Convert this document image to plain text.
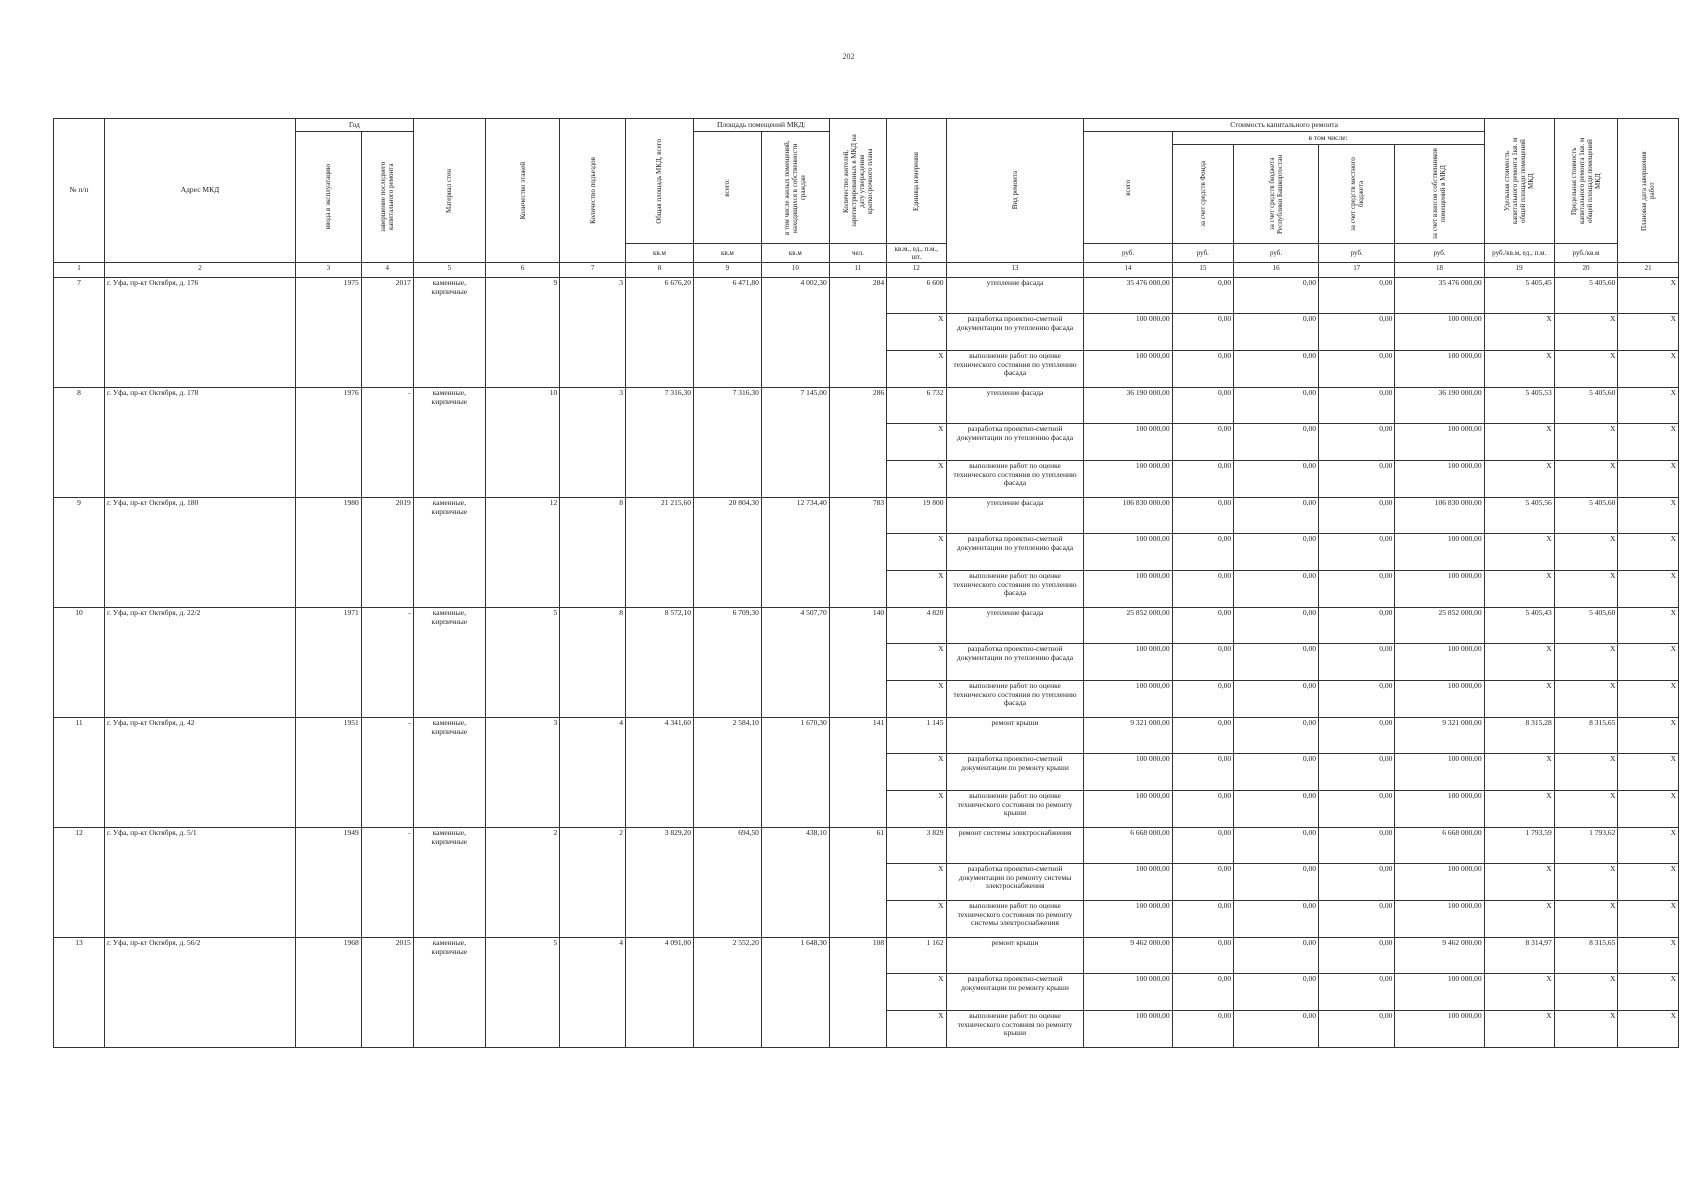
202
№ п/п	Адрес МКД	Год		Материал стен	Количество этажей	Количество подъездов	Общая площадь МКД, всего	Площадь помещений МКД:		Количество жителей, зарегистрированных в МКД на дату утверждения краткосрочного плана	Единица измерения	Вид ремонта	Стоимость капитального ремонта					Удельная стоимость капитального ремонта 1кв. м общей площади помещений МКД	Предельная стоимость капитального ремонта 1кв. м общей площади помещений МКД	Плановая дата завершения работ

		ввода в эксплуатацию	завершение последнего капитального ремонта					всего:	в том числе жилых помещений, находящихся в собственности граждан				всего	в том числе:						

														за счет средств Фонда	за счет средств бюджета Республики Башкортостан	за счет средств местного бюджета	за счет взносов собственников помещений в МКД			

							кв.м	кв.м	кв.м	чел.	кв.м., ед., п.м., шт.		руб.	руб.	руб.	руб.	руб.	руб./кв.м, ед., п.м.	руб./кв.м	
1	2	3	4	5	6	7	8	9	10	11	12	13	14	15	16	17	18	19	20	21
7	г. Уфа, пр-кт Октября, д. 176	1975	2017	каменные, кирпичные	9	3	6 676,20	6 471,80	4 002,30	284	6 600	утепление фасада	35 476 000,00	0,00	0,00	0,00	35 476 000,00	5 405,45	5 405,60	X
											X	разработка проектно-сметной документации по утеплению фасада	100 000,00	0,00	0,00	0,00	100 000,00	X	X	X
											X	выполнение работ по оценке технического состояния по утеплению фасада	100 000,00	0,00	0,00	0,00	100 000,00	X	X	X
8	г. Уфа, пр-кт Октября, д. 178	1976	-	каменные, кирпичные	10	3	7 316,30	7 316,30	7 145,00	286	6 732	утепление фасада	36 190 000,00	0,00	0,00	0,00	36 190 000,00	5 405,53	5 405,60	X
											X	разработка проектно-сметной документации по утеплению фасада	100 000,00	0,00	0,00	0,00	100 000,00	X	X	X
											X	выполнение работ по оценке технического состояния по утеплению фасада	100 000,00	0,00	0,00	0,00	100 000,00	X	X	X
9	г. Уфа, пр-кт Октября, д. 180	1980	2019	каменные, кирпичные	12	8	21 215,60	20 804,30	12 734,40	783	19 800	утепление фасада	106 830 000,00	0,00	0,00	0,00	106 830 000,00	5 405,56	5 405,60	X
											X	разработка проектно-сметной документации по утеплению фасада	100 000,00	0,00	0,00	0,00	100 000,00	X	X	X
											X	выполнение работ по оценке технического состояния по утеплению фасада	100 000,00	0,00	0,00	0,00	100 000,00	X	X	X
10	г. Уфа, пр-кт Октября, д. 22/2	1971	-	каменные, кирпичные	5	8	8 572,10	6 709,30	4 507,70	140	4 820	утепление фасада	25 852 000,00	0,00	0,00	0,00	25 852 000,00	5 405,43	5 405,60	X
											X	разработка проектно-сметной документации по утеплению фасада	100 000,00	0,00	0,00	0,00	100 000,00	X	X	X
											X	выполнение работ по оценке технического состояния по утеплению фасада	100 000,00	0,00	0,00	0,00	100 000,00	X	X	X
11	г. Уфа, пр-кт Октября, д. 42	1951	-	каменные, кирпичные	3	4	4 341,60	2 584,10	1 670,30	141	1 145	ремонт крыши	9 321 000,00	0,00	0,00	0,00	9 321 000,00	8 315,28	8 315,65	X
											X	разработка проектно-сметной документации по ремонту крыши	100 000,00	0,00	0,00	0,00	100 000,00	X	X	X
											X	выполнение работ по оценке технического состояния по ремонту крыши	100 000,00	0,00	0,00	0,00	100 000,00	X	X	X
12	г. Уфа, пр-кт Октября, д. 5/1	1949	-	каменные, кирпичные	2	2	3 829,20	694,50	438,10	61	3 829	ремонт системы электроснабжения	6 668 000,00	0,00	0,00	0,00	6 668 000,00	1 793,59	1 793,62	X
											X	разработка проектно-сметной документации по ремонту системы электроснабжения	100 000,00	0,00	0,00	0,00	100 000,00	X	X	X
											X	выполнение работ по оценке технического состояния по ремонту системы электроснабжения	100 000,00	0,00	0,00	0,00	100 000,00	X	X	X
13	г. Уфа, пр-кт Октября, д. 56/2	1968	2015	каменные, кирпичные	5	4	4 091,00	2 552,20	1 648,30	108	1 162	ремонт крыши	9 462 000,00	0,00	0,00	0,00	9 462 000,00	8 314,97	8 315,65	X
											X	разработка проектно-сметной документации по ремонту крыши	100 000,00	0,00	0,00	0,00	100 000,00	X	X	X
											X	выполнение работ по оценке технического состояния по ремонту крыши	100 000,00	0,00	0,00	0,00	100 000,00	X	X	X
